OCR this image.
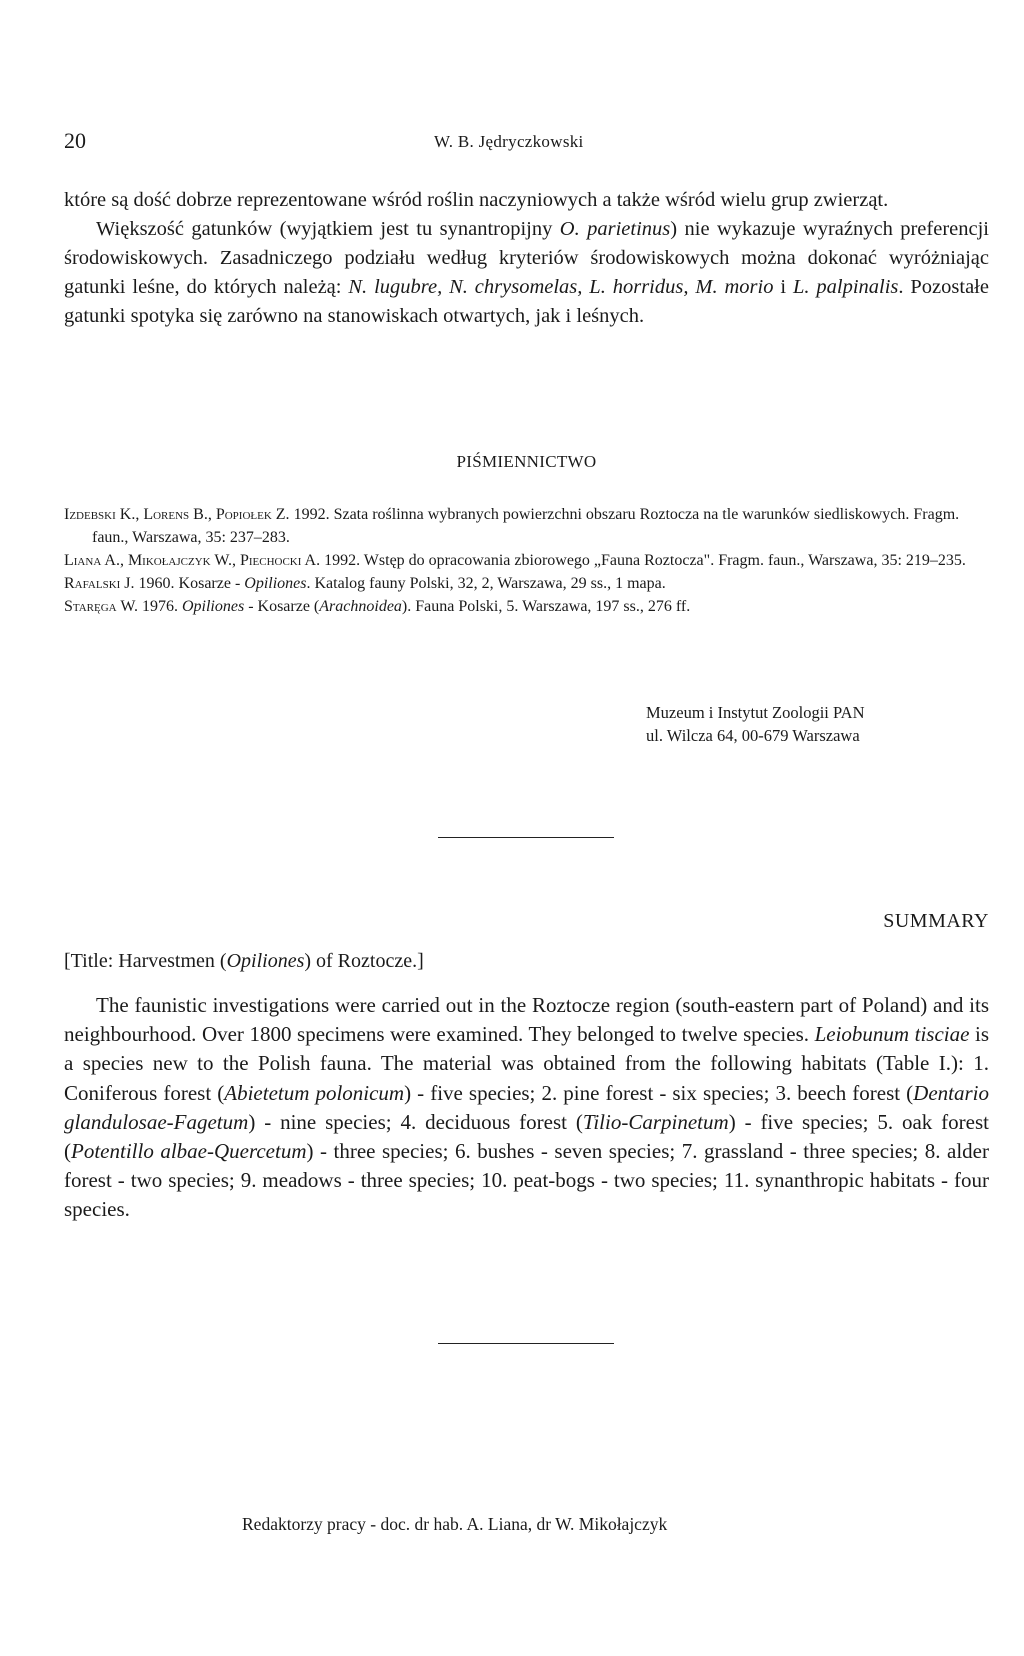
20	W. B. Jędryczkowski

które są dość dobrze reprezentowane wśród roślin naczyniowych a także wśród wielu grup zwierząt.

Większość gatunków (wyjątkiem jest tu synantropijny O. parietinus) nie wykazuje wyraźnych preferencji środowiskowych. Zasadniczego podziału według kryteriów środowiskowych można dokonać wyróżniając gatunki leśne, do których należą: N. lugubre, N. chrysomelas, L. horridus, M. morio i L. palpinalis. Pozostałe gatunki spotyka się zarówno na stanowiskach otwartych, jak i leśnych.

PIŚMIENNICTWO

Izdebski K., Lorens B., Popiołek Z. 1992. Szata roślinna wybranych powierzchni obszaru Roztocza na tle warunków siedliskowych. Fragm. faun., Warszawa, 35: 237–283.

Liana A., Mikołajczyk W., Piechocki A. 1992. Wstęp do opracowania zbiorowego „Fauna Roztocza". Fragm. faun., Warszawa, 35: 219–235.

Rafalski J. 1960. Kosarze - Opiliones. Katalog fauny Polski, 32, 2, Warszawa, 29 ss., 1 mapa.

Staręga W. 1976. Opiliones - Kosarze (Arachnoidea). Fauna Polski, 5. Warszawa, 197 ss., 276 ff.

Muzeum i Instytut Zoologii PAN
ul. Wilcza 64, 00-679 Warszawa
SUMMARY
[Title: Harvestmen (Opiliones) of Roztocze.]

The faunistic investigations were carried out in the Roztocze region (south-eastern part of Poland) and its neighbourhood. Over 1800 specimens were examined. They belonged to twelve species. Leiobunum tisciae is a species new to the Polish fauna. The material was obtained from the following habitats (Table I.): 1. Coniferous forest (Abietetum polonicum) - five species; 2. pine forest - six species; 3. beech forest (Dentario glandulosae-Fagetum) - nine species; 4. deciduous forest (Tilio-Carpinetum) - five species; 5. oak forest (Potentillo albae-Quercetum) - three species; 6. bushes - seven species; 7. grassland - three species; 8. alder forest - two species; 9. meadows - three species; 10. peat-bogs - two species; 11. synanthropic habitats - four species.

Redaktorzy pracy - doc. dr hab. A. Liana, dr W. Mikołajczyk
